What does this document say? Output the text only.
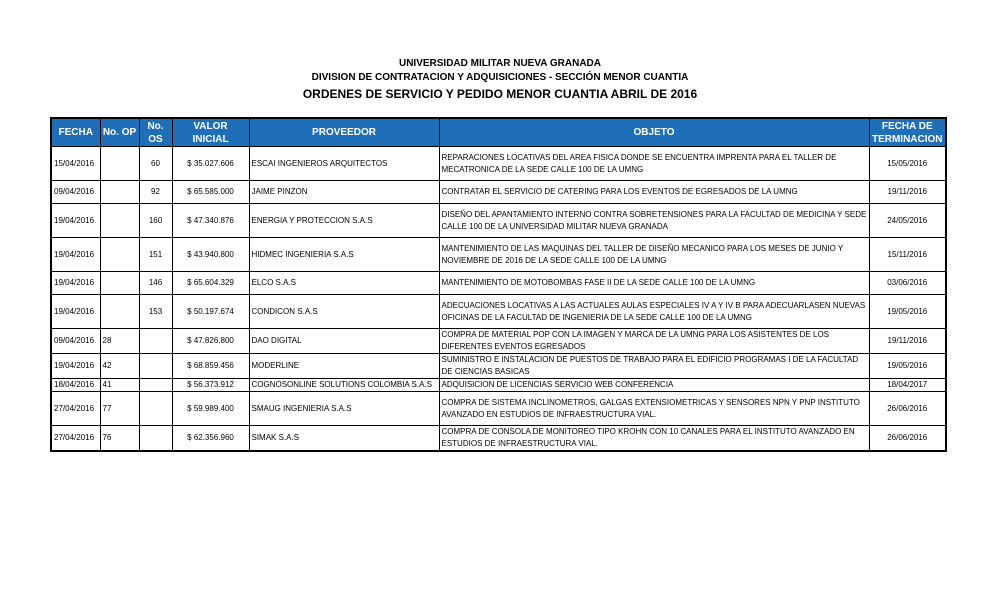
UNIVERSIDAD MILITAR NUEVA GRANADA
DIVISION DE CONTRATACION Y ADQUISICIONES - SECCIÓN MENOR CUANTIA
ORDENES DE SERVICIO Y PEDIDO MENOR CUANTIA ABRIL DE 2016
FECHA	No. OP	No. OS	VALOR INICIAL	PROVEEDOR	OBJETO	FECHA DE TERMINACION
15/04/2016		60	$ 35.027.606	ESCAI INGENIEROS ARQUITECTOS	REPARACIONES LOCATIVAS DEL AREA FISICA DONDE SE ENCUENTRA IMPRENTA PARA EL TALLER DE MECATRONICA DE LA SEDE CALLE 100 DE LA UMNG	15/05/2016
09/04/2016		92	$ 65.585.000	JAIME PINZON	CONTRATAR EL SERVICIO DE CATERING PARA LOS EVENTOS DE EGRESADOS DE LA UMNG	19/11/2016
19/04/2016		160	$ 47.340.876	ENERGIA Y PROTECCION S.A.S	DISEÑO DEL APANTAMIENTO INTERNO CONTRA SOBRETENSIONES PARA LA FACULTAD DE MEDICINA Y SEDE CALLE 100 DE LA UNIVERSIDAD MILITAR NUEVA GRANADA	24/05/2016
19/04/2016		151	$ 43.940.800	HIDMEC INGENIERIA S.A.S	MANTENIMIENTO DE LAS MAQUINAS DEL TALLER DE DISEÑO MECANICO PARA LOS MESES DE JUNIO Y NOVIEMBRE DE 2016 DE LA SEDE CALLE 100 DE LA UMNG	15/11/2016
19/04/2016		146	$ 65.604.329	ELCO S.A.S	MANTENIMIENTO DE MOTOBOMBAS FASE II DE LA SEDE CALLE 100 DE LA UMNG	03/06/2016
19/04/2016		153	$ 50.197.674	CONDICON S.A.S	ADECUACIONES LOCATIVAS A LAS ACTUALES AULAS ESPECIALES IV A Y IV B PARA ADECUARLASEN NUEVAS OFICINAS DE LA FACULTAD DE INGENIERIA DE LA SEDE CALLE 100 DE LA UMNG	19/05/2016
09/04/2016	28		$ 47.826.800	DAO DIGITAL	COMPRA DE MATERIAL POP CON LA IMAGEN Y MARCA DE LA UMNG PARA LOS ASISTENTES DE LOS DIFERENTES EVENTOS EGRESADOS	19/11/2016
19/04/2016	42		$ 68.859.456	MODERLINE	SUMINISTRO E INSTALACION DE PUESTOS DE TRABAJO PARA EL EDIFICIO PROGRAMAS I DE LA FACULTAD DE CIENCIAS BASICAS	19/05/2016
18/04/2016	41		$ 56.373.912	COGNOSONLINE SOLUTIONS COLOMBIA S.A.S	ADQUISICION DE LICENCIAS SERVICIO WEB CONFERENCIA	18/04/2017
27/04/2016	77		$ 59.989.400	SMAUG INGENIERIA S.A.S	COMPRA DE SISTEMA INCLINOMETROS, GALGAS EXTENSIOMETRICAS Y SENSORES NPN Y PNP INSTITUTO AVANZADO EN ESTUDIOS DE INFRAESTRUCTURA VIAL.	26/06/2016
27/04/2016	76		$ 62.356.960	SIMAK S.A.S	COMPRA DE CONSOLA DE MONITOREO TIPO KROHN CON 10 CANALES PARA EL INSTITUTO AVANZADO EN ESTUDIOS DE INFRAESTRUCTURA VIAL.	26/06/2016
